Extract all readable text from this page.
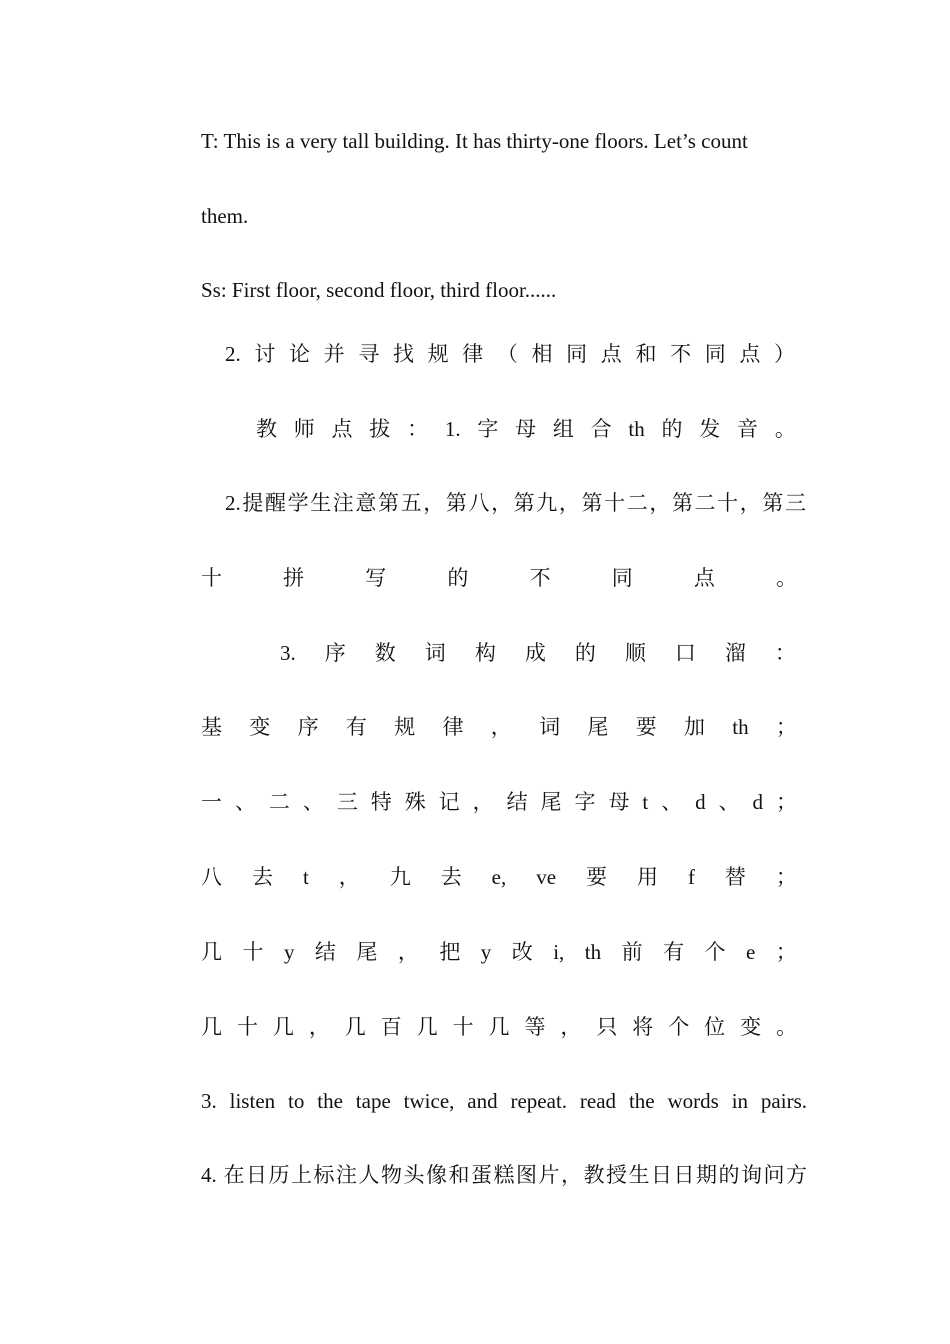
T: This is a very tall building. It has thirty-one floors. Let’s count
them.
Ss: First floor, second floor, third floor......
2. 讨 论 并 寻 找 规 律 （ 相 同 点 和 不 同 点 ）
教 师 点 拔 ： 1. 字 母 组 合 th 的 发 音 。
2.提醒学生注意第五，第八，第九，第十二，第二十，第三
十	拼	写	的	不	同	点	。
3. 序 数 词 构 成 的 顺 口 溜 ：
基 变 序 有 规 律 ， 词 尾 要 加 th ；
一 、 二 、 三 特 殊 记 ， 结 尾 字 母 t 、 d 、 d ；
八 去 t ， 九 去 e, ve 要 用 f 替 ；
几 十 y 结 尾 ， 把 y 改 i, th 前 有 个 e ；
几 十 几 ， 几 百 几 十 几 等 ， 只 将 个 位 变 。
3. listen to the tape twice, and repeat. read the words in pairs.
4. 在日历上标注人物头像和蛋糕图片，教授生日日期的询问方
